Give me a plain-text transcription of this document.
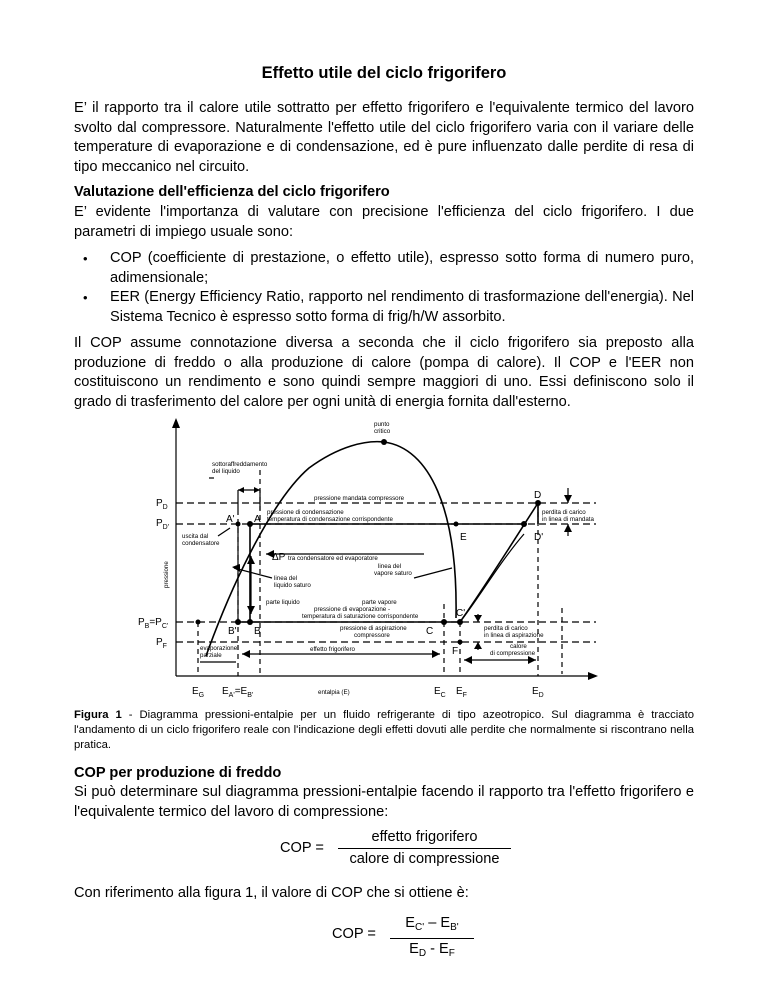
Effetto utile del ciclo frigorifero
E’ il rapporto tra il calore utile sottratto per effetto frigorifero e l'equivalente termico del lavoro svolto dal compressore. Naturalmente l'effetto utile del ciclo frigorifero varia con il variare delle temperature di evaporazione e di condensazione, ed è pure influenzato dalle perdite di resa di tipo meccanico nel circuito.
Valutazione dell'efficienza del ciclo frigorifero
E’ evidente l'importanza di valutare con precisione l'efficienza del ciclo frigorifero. I due parametri di impiego usuale sono:
• COP (coefficiente di prestazione, o effetto utile), espresso sotto forma di numero puro, adimensionale;
• EER (Energy Efficiency Ratio, rapporto nel rendimento di trasformazione dell'energia). Nel Sistema Tecnico è espresso sotto forma di frig/h/W assorbito.
Il COP assume connotazione diversa a seconda che il ciclo frigorifero sia preposto alla produzione di freddo o alla produzione di calore (pompa di calore). Il COP e l'EER non costituiscono un rendimento e sono quindi sempre maggiori di uno. Essi definiscono solo il grado di trasferimento del calore per ogni unità di energia fornita dall'esterno.
punto
critico
sottoraffreddamento
del liquido
pressione mandata compressore
pressione di condensazione
temperatura di condensazione corrispondente
perdita di carico
in linea di mandata
uscita dal
condensatore
tra condensatore ed evaporatore
linea del
liquido saturo
linea del
vapore saturo
parte liquido	parte vapore
pressione di evaporazione -
temperatura di saturazione corrispondente
pressione di aspirazione
compressore
perdita di carico
in linea di aspirazione
evaporazione
parziale
effetto frigorifero	calore
di compressione
entalpia (E)
pressione
ΔP
D
D'
A
A'
E
B
B'	C
C'
F
$P_D$
$P_{D'}$
$P_B=P_{C'}$
$P_F$
$E_G$ $E_{A'}=E_{B'}$	$E_C$ $E_F$	$E_D$
Figura 1 - Diagramma pressioni-entalpie per un fluido refrigerante di tipo azeotropico. Sul diagramma è tracciato l'andamento di un ciclo frigorifero reale con l'indicazione degli effetti dovuti alle perdite che normalmente si riscontrano nella pratica.
COP per produzione di freddo
Si può determinare sul diagramma pressioni-entalpie facendo il rapporto tra l'effetto frigorifero e l'equivalente termico del lavoro di compressione:
COP =
effetto frigorifero
calore di compressione
Con riferimento alla figura 1, il valore di COP che si ottiene è:
COP =
$E_{C'} - E_{B'}$
$E_D - E_F$
